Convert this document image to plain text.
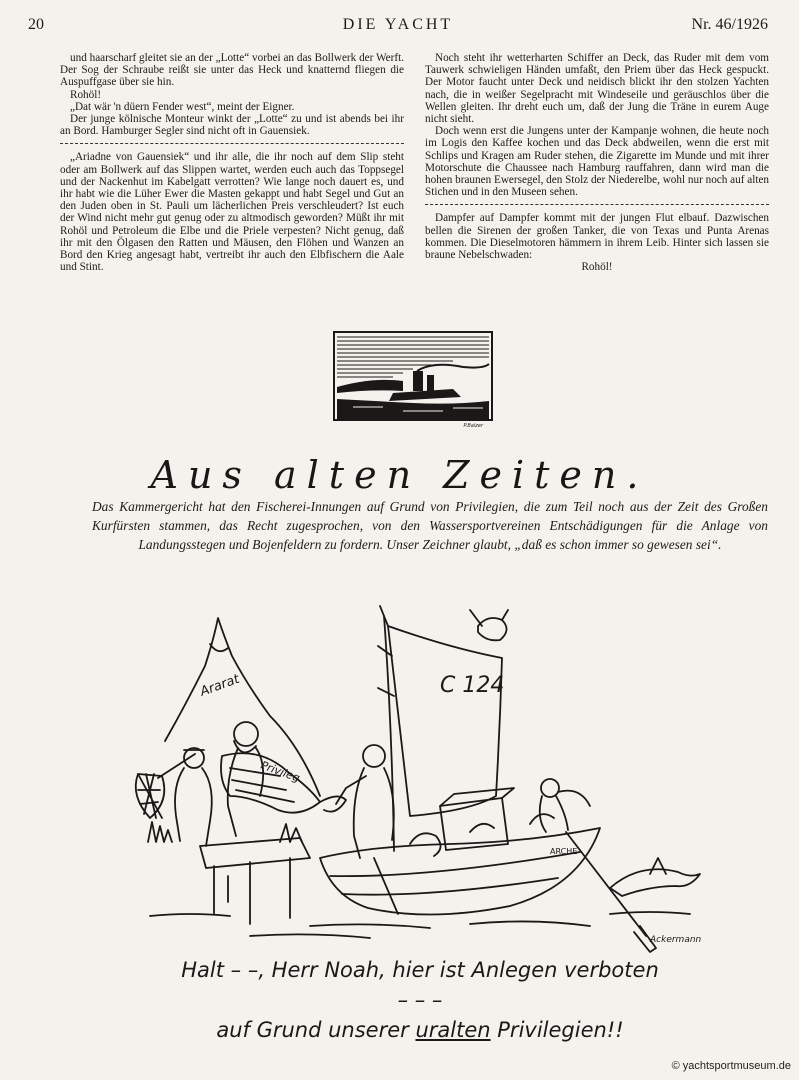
20	DIE YACHT	Nr. 46/1926

und haarscharf gleitet sie an der „Lotte“ vorbei an das Bollwerk der Werft. Der Sog der Schraube reißt sie unter das Heck und knatternd fliegen die Auspuffgase über sie hin.

Rohöl!

„Dat wär 'n düern Fender west“, meint der Eigner.

Der junge kölnische Monteur winkt der „Lotte“ zu und ist abends bei ihr an Bord. Hamburger Segler sind nicht oft in Gauensiek.

„Ariadne von Gauensiek“ und ihr alle, die ihr noch auf dem Slip steht oder am Bollwerk auf das Slippen wartet, werden euch auch das Toppsegel und der Nackenhut im Kabelgatt verrotten? Wie lange noch dauert es, und ihr habt wie die Lüher Ewer die Masten gekappt und habt Segel und Gut an den Juden oben in St. Pauli um lächerlichen Preis verschleudert? Ist euch der Wind nicht mehr gut genug oder zu altmodisch geworden? Müßt ihr mit Rohöl und Petroleum die Elbe und die Priele verpesten? Nicht genug, daß ihr mit den Ölgasen den Ratten und Mäusen, den Flöhen und Wanzen an Bord den Krieg angesagt habt, vertreibt ihr auch den Elbfischern die Aale und Stint.

Noch steht ihr wetterharten Schiffer an Deck, das Ruder mit dem vom Tauwerk schwieligen Händen umfaßt, den Priem über das Heck gespuckt. Der Motor faucht unter Deck und neidisch blickt ihr den stolzen Yachten nach, die in weißer Segelpracht mit Windeseile und geräuschlos über die Wellen gleiten. Ihr dreht euch um, daß der Jung die Träne in eurem Auge nicht sieht.

Doch wenn erst die Jungens unter der Kampanje wohnen, die heute noch im Logis den Kaffee kochen und das Deck abdweilen, wenn die erst mit Schlips und Kragen am Ruder stehen, die Zigarette im Munde und mit ihrer Motorschute die Chaussee nach Hamburg rauffahren, dann wird man die hohen braunen Ewersegel, den Stolz der Niederelbe, wohl nur noch auf alten Stichen und in den Museen sehen.

Dampfer auf Dampfer kommt mit der jungen Flut elbauf. Dazwischen bellen die Sirenen der großen Tanker, die von Texas und Punta Arenas kommen. Die Dieselmotoren hämmern in ihrem Leib. Hinter sich lassen sie braune Nebelschwaden:

Rohöl!

P.Balzer
Aus alten Zeiten.
Das Kammergericht hat den Fischerei-Innungen auf Grund von Privilegien, die zum Teil noch aus der Zeit des Großen Kurfürsten stammen, das Recht zugesprochen, von den Wassersportvereinen Entschädigungen für die Anlage von Landungsstegen und Bojenfeldern zu fordern. Unser Zeichner glaubt, „daß es schon immer so gewesen sei“.
Ararat	C 124
Privileg
ARCHE
Ackermann
Halt – –, Herr Noah, hier ist Anlegen verboten – – –
auf Grund unserer uralten Privilegien!!
© yachtsportmuseum.de
